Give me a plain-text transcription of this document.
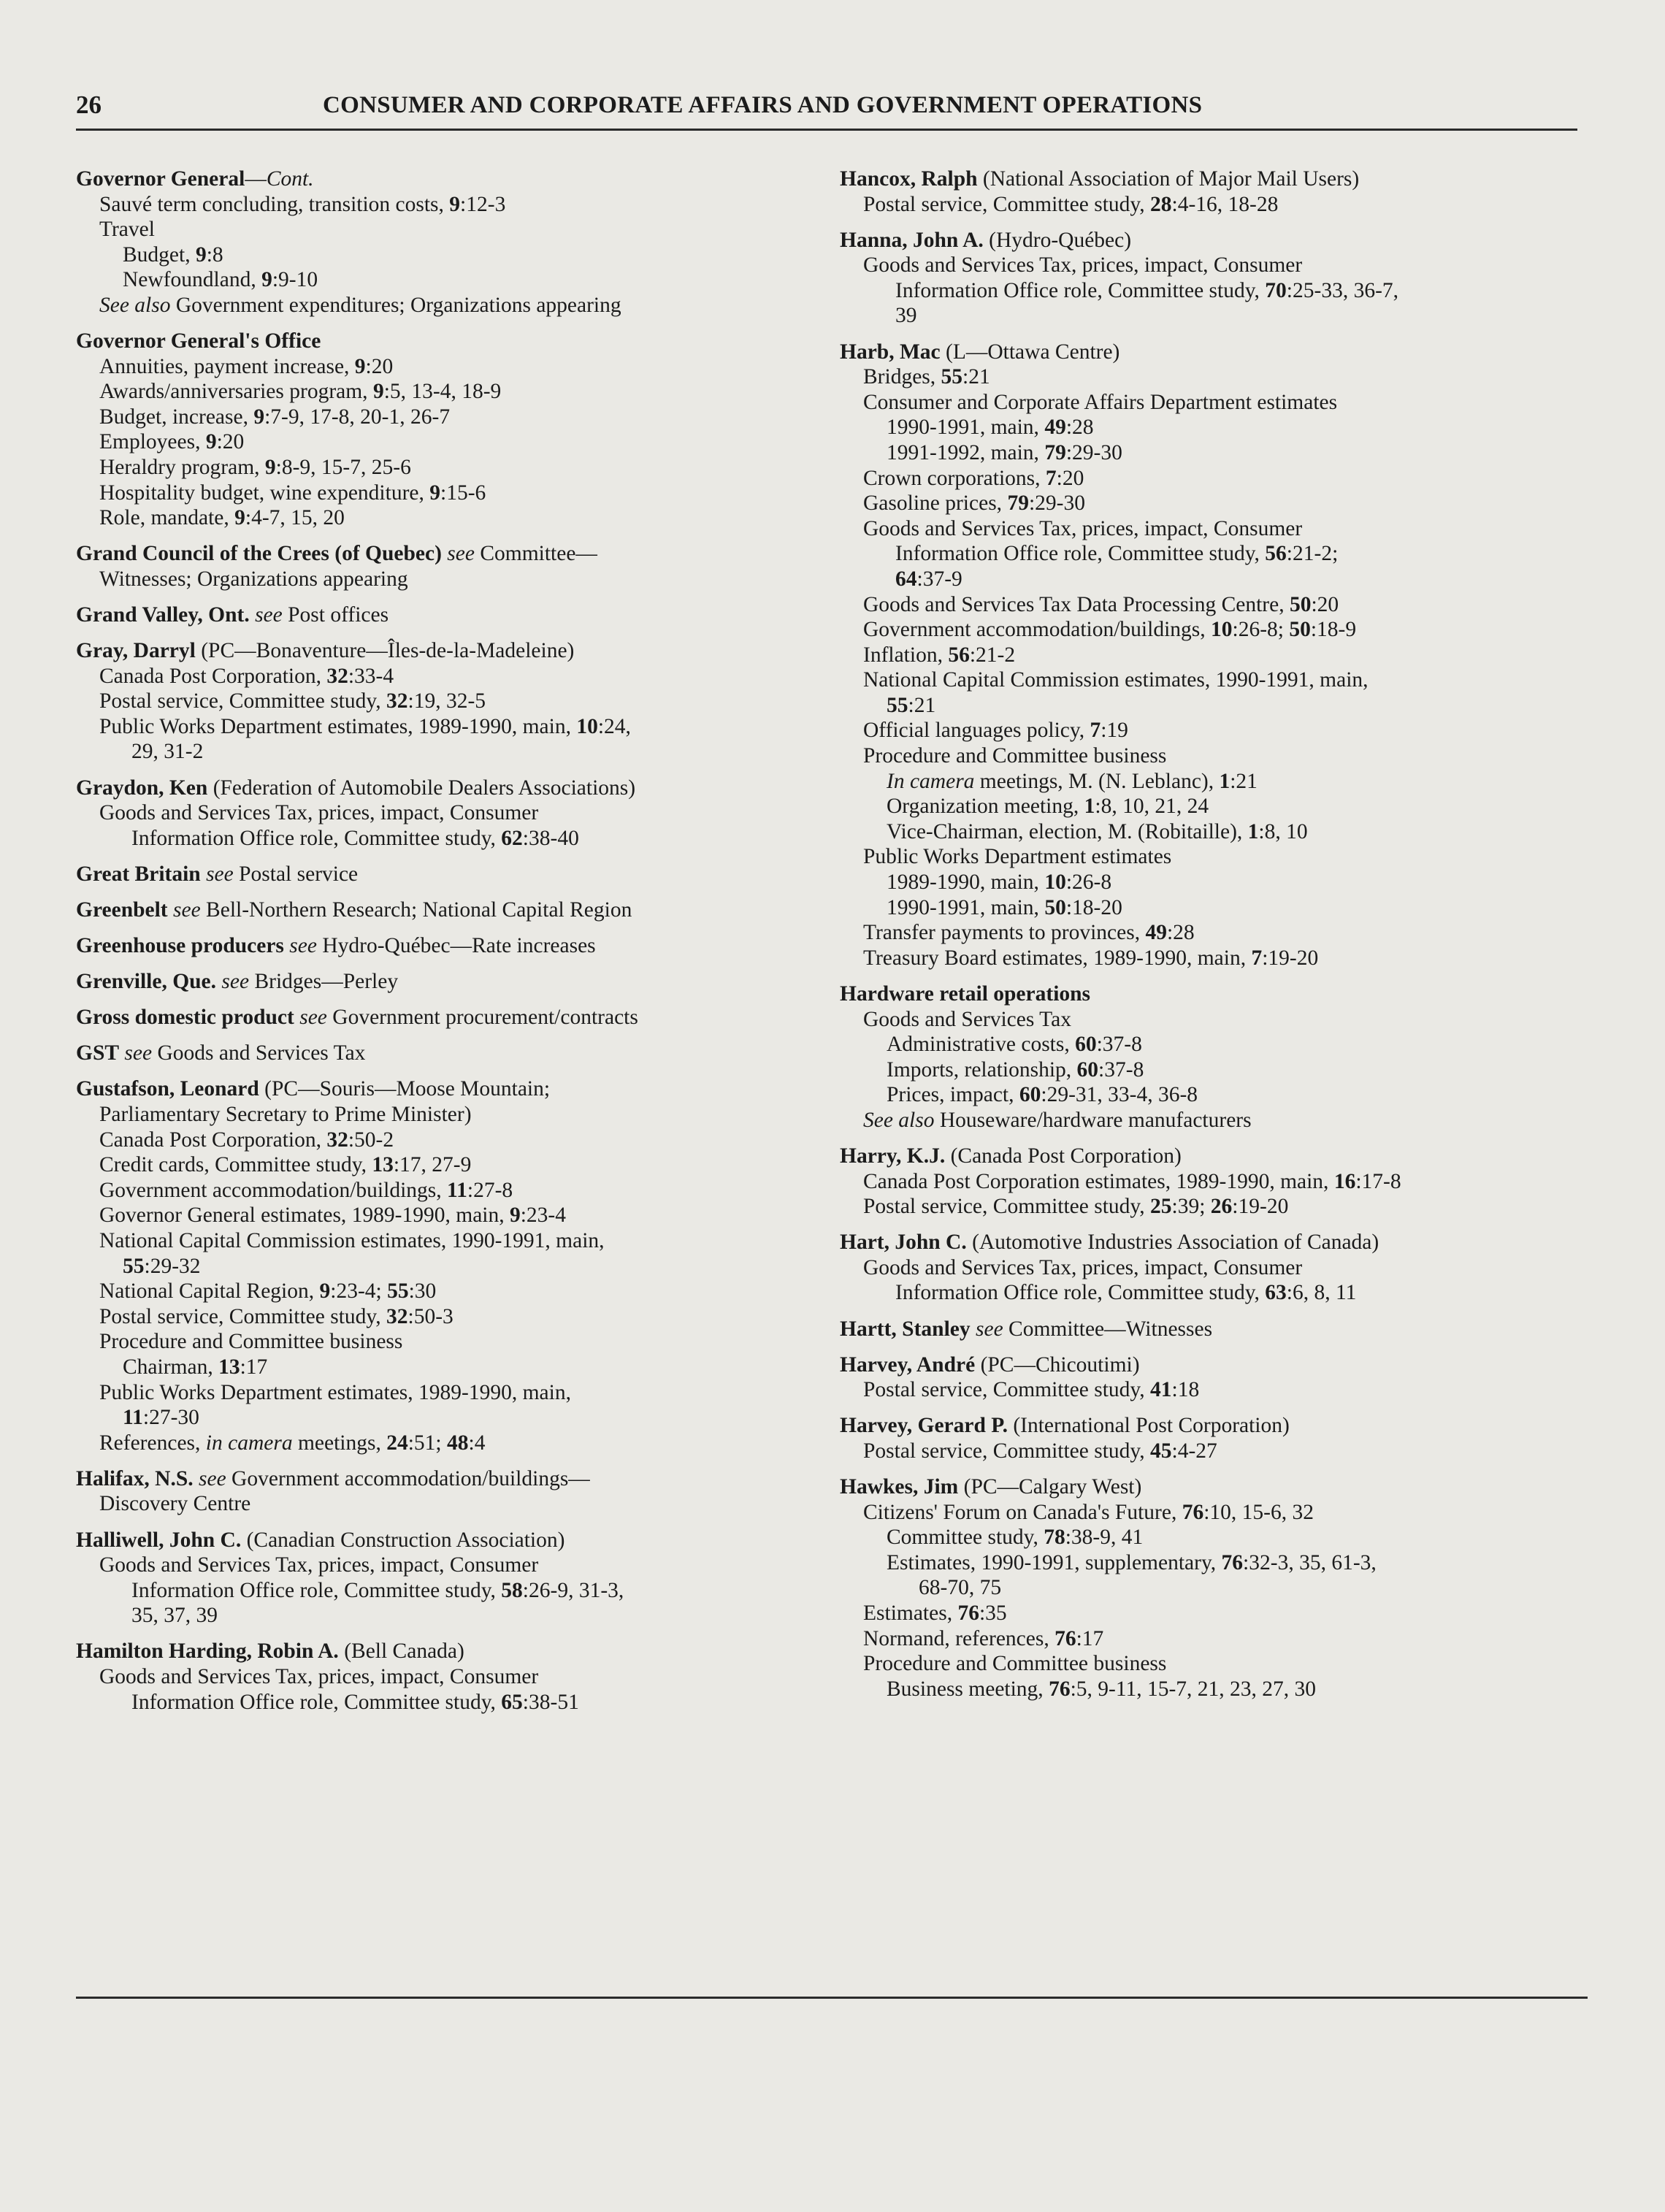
26	CONSUMER AND CORPORATE AFFAIRS AND GOVERNMENT OPERATIONS
Governor General—Cont.
Sauvé term concluding, transition costs, 9:12-3
Travel
Budget, 9:8
Newfoundland, 9:9-10
See also Government expenditures; Organizations appearing
Governor General's Office
Annuities, payment increase, 9:20
Awards/anniversaries program, 9:5, 13-4, 18-9
Budget, increase, 9:7-9, 17-8, 20-1, 26-7
Employees, 9:20
Heraldry program, 9:8-9, 15-7, 25-6
Hospitality budget, wine expenditure, 9:15-6
Role, mandate, 9:4-7, 15, 20
Grand Council of the Crees (of Quebec) see Committee—
Witnesses; Organizations appearing
Grand Valley, Ont. see Post offices
Gray, Darryl (PC—Bonaventure—Îles-de-la-Madeleine)
Canada Post Corporation, 32:33-4
Postal service, Committee study, 32:19, 32-5
Public Works Department estimates, 1989-1990, main, 10:24,
29, 31-2
Graydon, Ken (Federation of Automobile Dealers Associations)
Goods and Services Tax, prices, impact, Consumer
Information Office role, Committee study, 62:38-40
Great Britain see Postal service
Greenbelt see Bell-Northern Research; National Capital Region
Greenhouse producers see Hydro-Québec—Rate increases
Grenville, Que. see Bridges—Perley
Gross domestic product see Government procurement/contracts
GST see Goods and Services Tax
Gustafson, Leonard (PC—Souris—Moose Mountain;
Parliamentary Secretary to Prime Minister)
Canada Post Corporation, 32:50-2
Credit cards, Committee study, 13:17, 27-9
Government accommodation/buildings, 11:27-8
Governor General estimates, 1989-1990, main, 9:23-4
National Capital Commission estimates, 1990-1991, main,
55:29-32
National Capital Region, 9:23-4; 55:30
Postal service, Committee study, 32:50-3
Procedure and Committee business
Chairman, 13:17
Public Works Department estimates, 1989-1990, main,
11:27-30
References, in camera meetings, 24:51; 48:4
Halifax, N.S. see Government accommodation/buildings—
Discovery Centre
Halliwell, John C. (Canadian Construction Association)
Goods and Services Tax, prices, impact, Consumer
Information Office role, Committee study, 58:26-9, 31-3,
35, 37, 39
Hamilton Harding, Robin A. (Bell Canada)
Goods and Services Tax, prices, impact, Consumer
Information Office role, Committee study, 65:38-51
Hancox, Ralph (National Association of Major Mail Users)
Postal service, Committee study, 28:4-16, 18-28
Hanna, John A. (Hydro-Québec)
Goods and Services Tax, prices, impact, Consumer
Information Office role, Committee study, 70:25-33, 36-7,
39
Harb, Mac (L—Ottawa Centre)
Bridges, 55:21
Consumer and Corporate Affairs Department estimates
1990-1991, main, 49:28
1991-1992, main, 79:29-30
Crown corporations, 7:20
Gasoline prices, 79:29-30
Goods and Services Tax, prices, impact, Consumer
Information Office role, Committee study, 56:21-2;
64:37-9
Goods and Services Tax Data Processing Centre, 50:20
Government accommodation/buildings, 10:26-8; 50:18-9
Inflation, 56:21-2
National Capital Commission estimates, 1990-1991, main,
55:21
Official languages policy, 7:19
Procedure and Committee business
In camera meetings, M. (N. Leblanc), 1:21
Organization meeting, 1:8, 10, 21, 24
Vice-Chairman, election, M. (Robitaille), 1:8, 10
Public Works Department estimates
1989-1990, main, 10:26-8
1990-1991, main, 50:18-20
Transfer payments to provinces, 49:28
Treasury Board estimates, 1989-1990, main, 7:19-20
Hardware retail operations
Goods and Services Tax
Administrative costs, 60:37-8
Imports, relationship, 60:37-8
Prices, impact, 60:29-31, 33-4, 36-8
See also Houseware/hardware manufacturers
Harry, K.J. (Canada Post Corporation)
Canada Post Corporation estimates, 1989-1990, main, 16:17-8
Postal service, Committee study, 25:39; 26:19-20
Hart, John C. (Automotive Industries Association of Canada)
Goods and Services Tax, prices, impact, Consumer
Information Office role, Committee study, 63:6, 8, 11
Hartt, Stanley see Committee—Witnesses
Harvey, André (PC—Chicoutimi)
Postal service, Committee study, 41:18
Harvey, Gerard P. (International Post Corporation)
Postal service, Committee study, 45:4-27
Hawkes, Jim (PC—Calgary West)
Citizens' Forum on Canada's Future, 76:10, 15-6, 32
Committee study, 78:38-9, 41
Estimates, 1990-1991, supplementary, 76:32-3, 35, 61-3,
68-70, 75
Estimates, 76:35
Normand, references, 76:17
Procedure and Committee business
Business meeting, 76:5, 9-11, 15-7, 21, 23, 27, 30
